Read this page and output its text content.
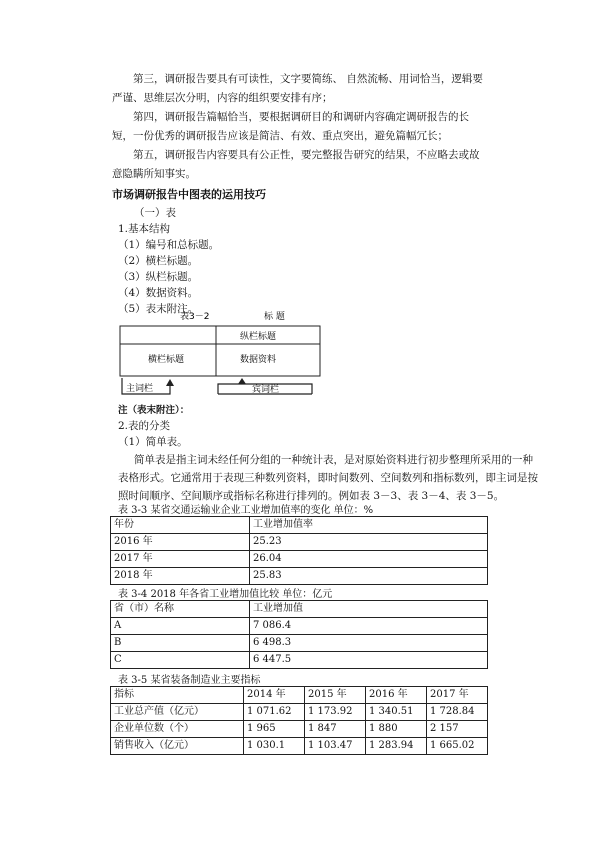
第三，调研报告要具有可读性，文字要简练、 自然流畅、用词恰当，逻辑要严谨、思维层次分明，内容的组织要安排有序；

第四，调研报告篇幅恰当，要根据调研目的和调研内容确定调研报告的长短，一份优秀的调研报告应该是简洁、有效、重点突出，避免篇幅冗长；

第五，调研报告内容要具有公正性，要完整报告研究的结果，不应略去或故意隐瞒所知事实。

市场调研报告中图表的运用技巧
（一）表
1.基本结构
（1）编号和总标题。
（2）横栏标题。
（3）纵栏标题。
（4）数据资料。
（5）表末附注。
表3－2	标 题
纵栏标题
横栏标题	数据资料
主词栏	宾词栏
注（表末附注）：
2.表的分类
（1）简单表。
简单表是指主词未经任何分组的一种统计表，是对原始资料进行初步整理所采用的一种
表格形式。它通常用于表现三种数列资料，即时间数列、空间数列和指标数列，即主词是按
照时间顺序、空间顺序或指标名称进行排列的。例如表 3－3、表 3－4、表 3－5。
表 3-3 某省交通运输业企业工业增加值率的变化 单位：%
年份	工业增加值率
2016 年	25.23
2017 年	26.04
2018 年	25.83
表 3-4 2018 年各省工业增加值比较 单位：亿元
省（市）名称	工业增加值
A	7 086.4
B	6 498.3
C	6 447.5
表 3-5 某省装备制造业主要指标
指标	2014 年	2015 年	2016 年	2017 年
工业总产值（亿元）	1 071.62	1 173.92	1 340.51	1 728.84
企业单位数（个）	1 965	1 847	1 880	2 157
销售收入（亿元）	1 030.1	1 103.47	1 283.94	1 665.02
